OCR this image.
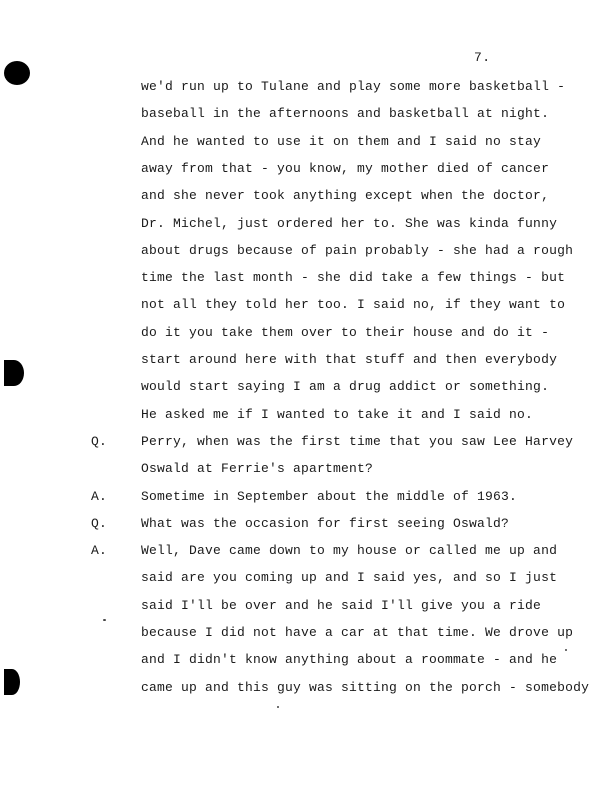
7.
we'd run up to Tulane and play some more basketball -
baseball in the afternoons and basketball at night.
And he wanted to use it on them and I said no stay
away from that - you know, my mother died of cancer
and she never took anything except when the doctor,
Dr. Michel, just ordered her to. She was kinda funny
about drugs because of pain probably - she had a rough
time the last month - she did take a few things - but
not all they told her too. I said no, if they want to
do it you take them over to their house and do it -
start around here with that stuff and then everybody
would start saying I am a drug addict or something.
He asked me if I wanted to take it and I said no.
Q.	Perry, when was the first time that you saw Lee Harvey
Oswald at Ferrie's apartment?
A.	Sometime in September about the middle of 1963.
Q.	What was the occasion for first seeing Oswald?
A.	Well, Dave came down to my house or called me up and
said are you coming up and I said yes, and so I just
said I'll be over and he said I'll give you a ride
because I did not have a car at that time. We drove up
and I didn't know anything about a roommate - and he
came up and this guy was sitting on the porch - somebody
